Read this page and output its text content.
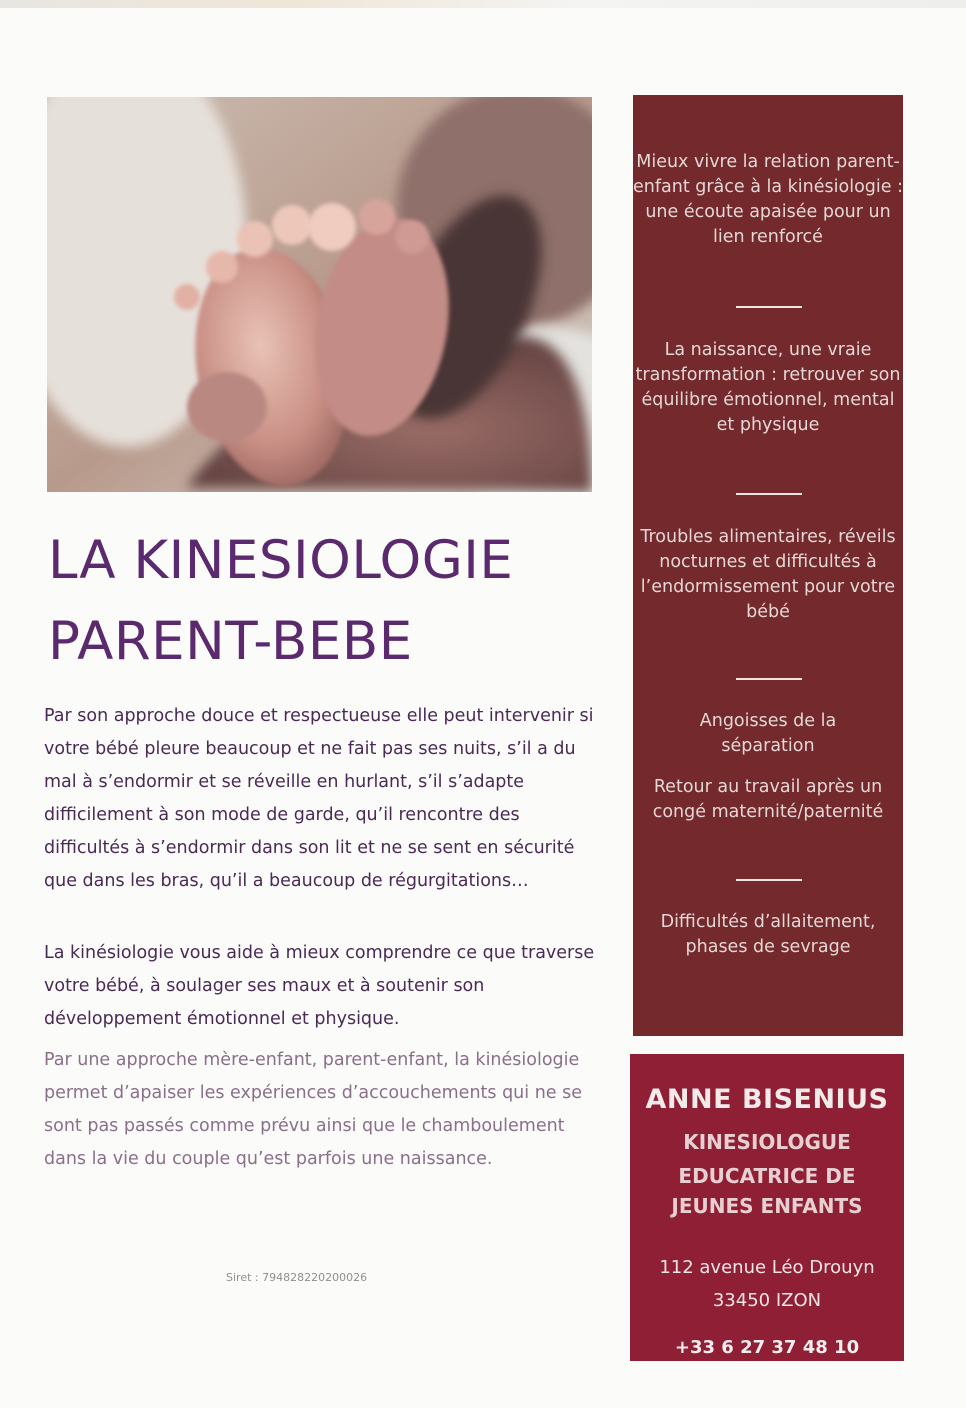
LA KINESIOLOGIE
PARENT-BEBE

Par son approche douce et respectueuse elle peut intervenir si votre bébé pleure beaucoup et ne fait pas ses nuits, s’il a du mal à s’endormir et se réveille en hurlant, s’il s’adapte difficilement à son mode de garde, qu’il rencontre des difficultés à s’endormir dans son lit et ne se sent en sécurité que dans les bras, qu’il a beaucoup de régurgitations…

La kinésiologie vous aide à mieux comprendre ce que traverse votre bébé, à soulager ses maux et à soutenir son développement émotionnel et physique.

Par une approche mère-enfant, parent-enfant, la kinésiologie permet d’apaiser les expériences d’accouchements qui ne se sont pas passés comme prévu ainsi que le chamboulement dans la vie du couple qu’est parfois une naissance.

Siret : 794828220200026
Mieux vivre la relation parent-enfant grâce à la kinésiologie : une écoute apaisée pour un lien renforcé
La naissance, une vraie transformation : retrouver son équilibre émotionnel, mental et physique
Troubles alimentaires, réveils nocturnes et difficultés à l’endormissement pour votre bébé
Angoisses de la séparation
Retour au travail après un congé maternité/paternité
Difficultés d’allaitement, phases de sevrage
ANNE BISENIUS
KINESIOLOGUE
EDUCATRICE DE
JEUNES ENFANTS
112 avenue Léo Drouyn
33450 IZON
+33 6 27 37 48 10
